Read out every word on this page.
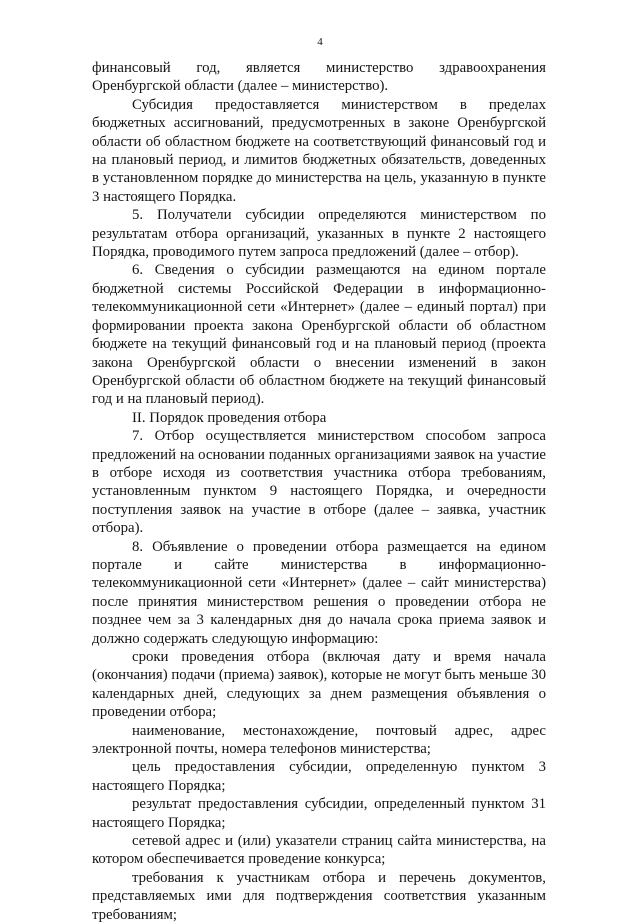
4

финансовый год, является министерство здравоохранения Оренбургской области (далее – министерство).

Субсидия предоставляется министерством в пределах бюджетных ассигнований, предусмотренных в законе Оренбургской области об областном бюджете на соответствующий финансовый год и на плановый период, и лимитов бюджетных обязательств, доведенных в установленном порядке до министерства на цель, указанную в пункте 3 настоящего Порядка.

5. Получатели субсидии определяются министерством по результатам отбора организаций, указанных в пункте 2 настоящего Порядка, проводимого путем запроса предложений (далее – отбор).

6. Сведения о субсидии размещаются на едином портале бюджетной системы Российской Федерации в информационно-телекоммуникационной сети «Интернет» (далее – единый портал) при формировании проекта закона Оренбургской области об областном бюджете на текущий финансовый год и на плановый период (проекта закона Оренбургской области о внесении изменений в закон Оренбургской области об областном бюджете на текущий финансовый год и на плановый период).

II. Порядок проведения отбора

7. Отбор осуществляется министерством способом запроса предложений на основании поданных организациями заявок на участие в отборе исходя из соответствия участника отбора требованиям, установленным пунктом 9 настоящего Порядка, и очередности поступления заявок на участие в отборе (далее – заявка, участник отбора).

8. Объявление о проведении отбора размещается на едином портале и сайте министерства в информационно-телекоммуникационной сети «Интернет» (далее – сайт министерства) после принятия министерством решения о проведении отбора не позднее чем за 3 календарных дня до начала срока приема заявок и должно содержать следующую информацию:

сроки проведения отбора (включая дату и время начала (окончания) подачи (приема) заявок), которые не могут быть меньше 30 календарных дней, следующих за днем размещения объявления о проведении отбора;

наименование, местонахождение, почтовый адрес, адрес электронной почты, номера телефонов министерства;

цель предоставления субсидии, определенную пунктом 3 настоящего Порядка;

результат предоставления субсидии, определенный пунктом 31 настоящего Порядка;

сетевой адрес и (или) указатели страниц сайта министерства, на котором обеспечивается проведение конкурса;

требования к участникам отбора и перечень документов, представляемых ими для подтверждения соответствия указанным требованиям;
